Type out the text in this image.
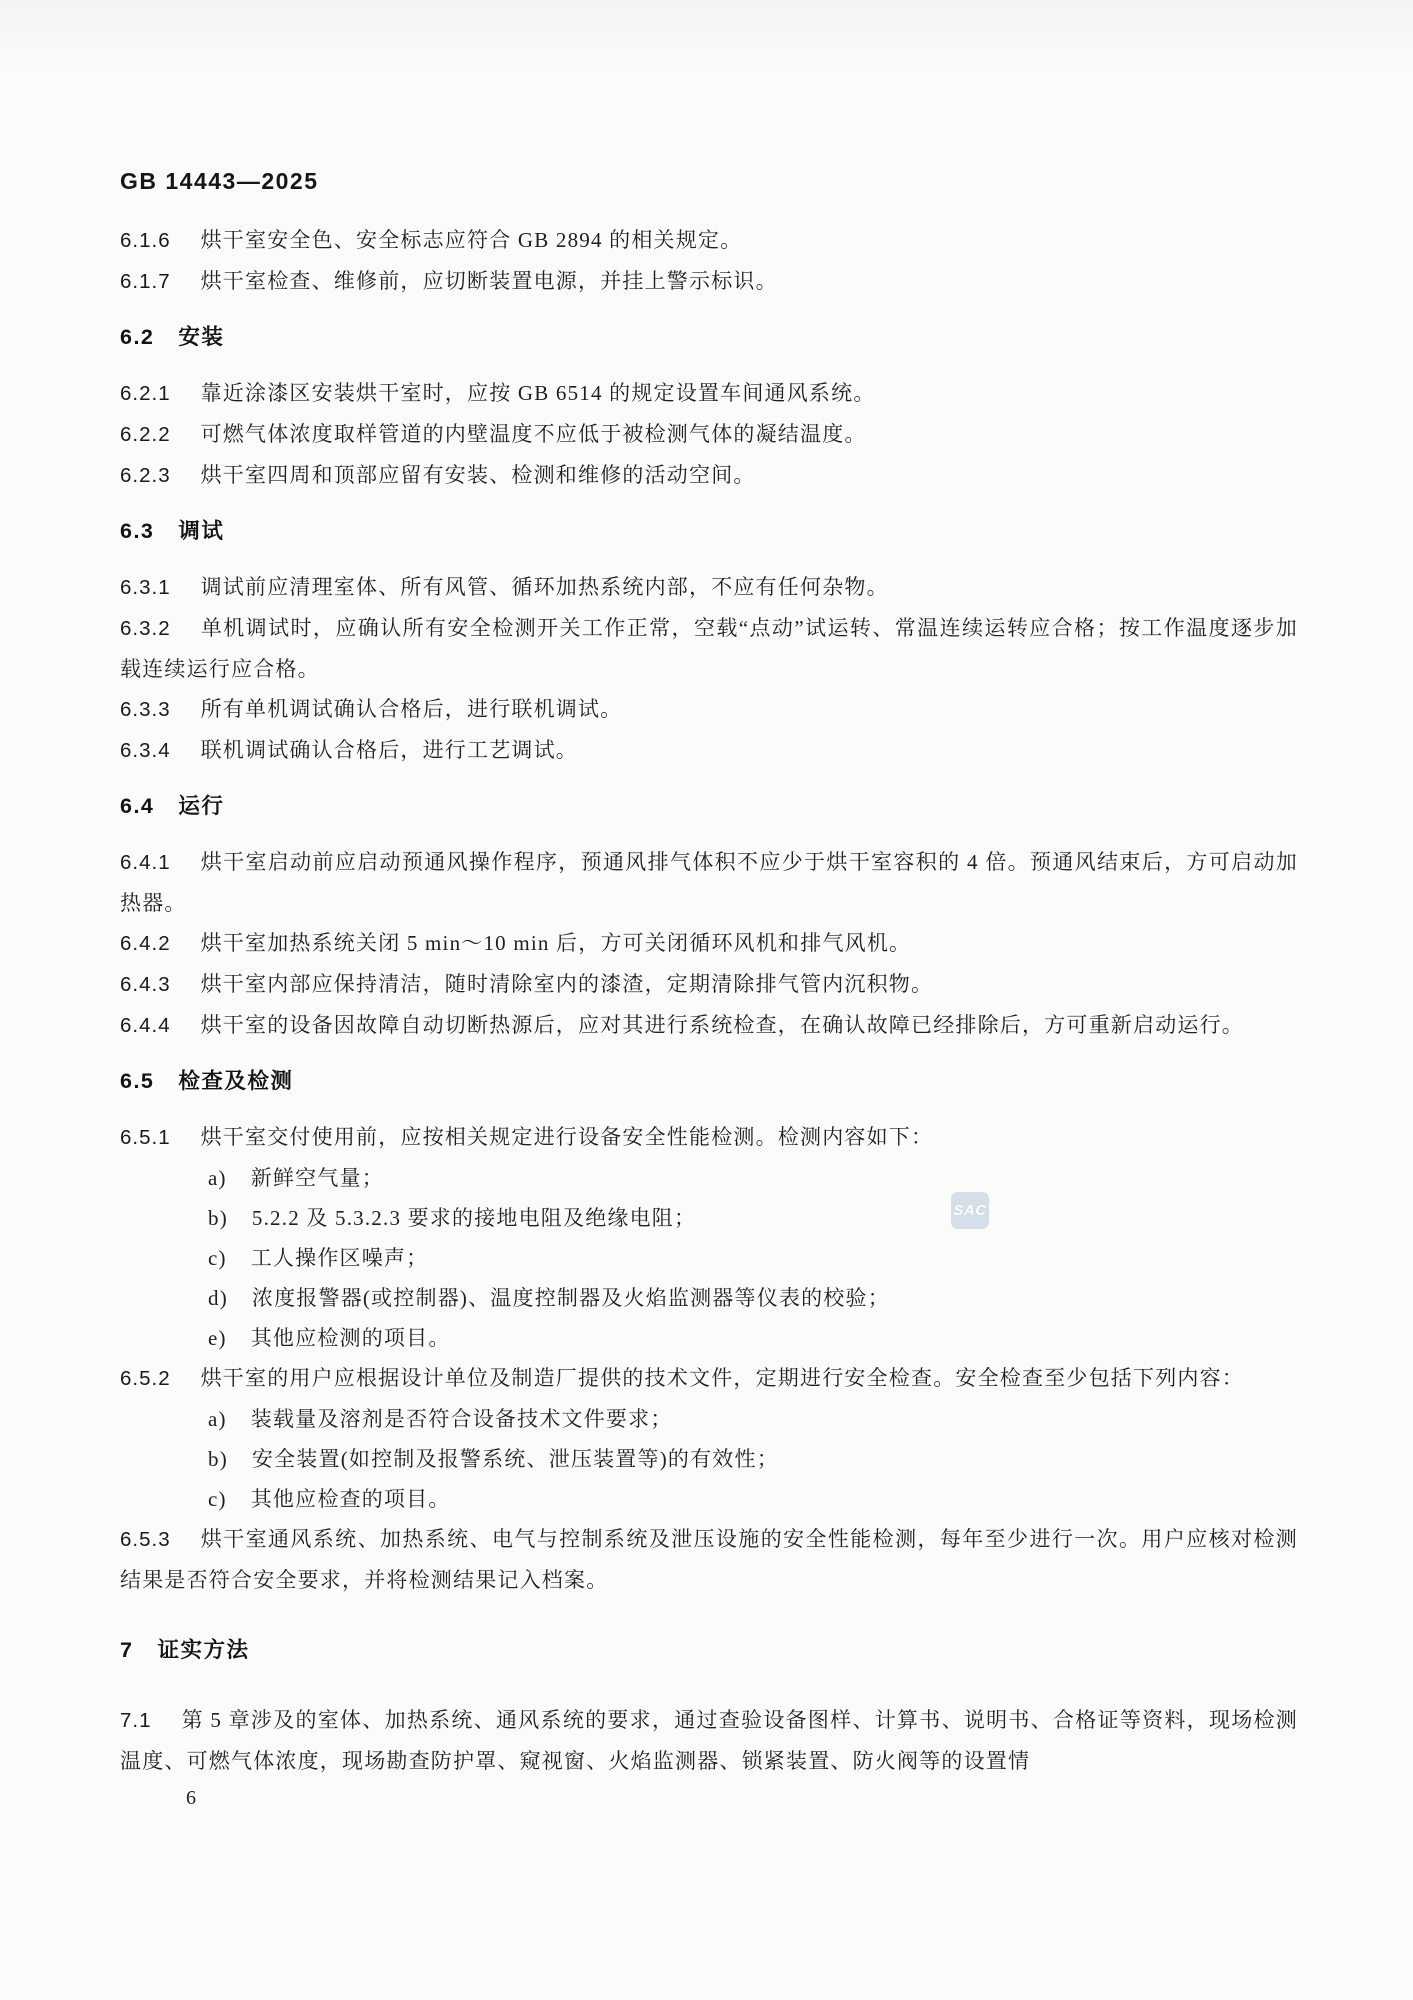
SAC

GB 14443—2025

6.1.6 烘干室安全色、安全标志应符合 GB 2894 的相关规定。

6.1.7 烘干室检查、维修前，应切断装置电源，并挂上警示标识。

6.2 安装

6.2.1 靠近涂漆区安装烘干室时，应按 GB 6514 的规定设置车间通风系统。

6.2.2 可燃气体浓度取样管道的内壁温度不应低于被检测气体的凝结温度。

6.2.3 烘干室四周和顶部应留有安装、检测和维修的活动空间。

6.3 调试

6.3.1 调试前应清理室体、所有风管、循环加热系统内部，不应有任何杂物。

6.3.2 单机调试时，应确认所有安全检测开关工作正常，空载“点动”试运转、常温连续运转应合格；按工作温度逐步加载连续运行应合格。

6.3.3 所有单机调试确认合格后，进行联机调试。

6.3.4 联机调试确认合格后，进行工艺调试。

6.4 运行

6.4.1 烘干室启动前应启动预通风操作程序，预通风排气体积不应少于烘干室容积的 4 倍。预通风结束后，方可启动加热器。

6.4.2 烘干室加热系统关闭 5 min～10 min 后，方可关闭循环风机和排气风机。

6.4.3 烘干室内部应保持清洁，随时清除室内的漆渣，定期清除排气管内沉积物。

6.4.4 烘干室的设备因故障自动切断热源后，应对其进行系统检查，在确认故障已经排除后，方可重新启动运行。

6.5 检查及检测

6.5.1 烘干室交付使用前，应按相关规定进行设备安全性能检测。检测内容如下：

a) 新鲜空气量；

b) 5.2.2 及 5.3.2.3 要求的接地电阻及绝缘电阻；

c) 工人操作区噪声；

d) 浓度报警器(或控制器)、温度控制器及火焰监测器等仪表的校验；

e) 其他应检测的项目。

6.5.2 烘干室的用户应根据设计单位及制造厂提供的技术文件，定期进行安全检查。安全检查至少包括下列内容：

a) 装载量及溶剂是否符合设备技术文件要求；

b) 安全装置(如控制及报警系统、泄压装置等)的有效性；

c) 其他应检查的项目。

6.5.3 烘干室通风系统、加热系统、电气与控制系统及泄压设施的安全性能检测，每年至少进行一次。用户应核对检测结果是否符合安全要求，并将检测结果记入档案。

7 证实方法

7.1 第 5 章涉及的室体、加热系统、通风系统的要求，通过查验设备图样、计算书、说明书、合格证等资料，现场检测温度、可燃气体浓度，现场勘查防护罩、窥视窗、火焰监测器、锁紧装置、防火阀等的设置情

6
